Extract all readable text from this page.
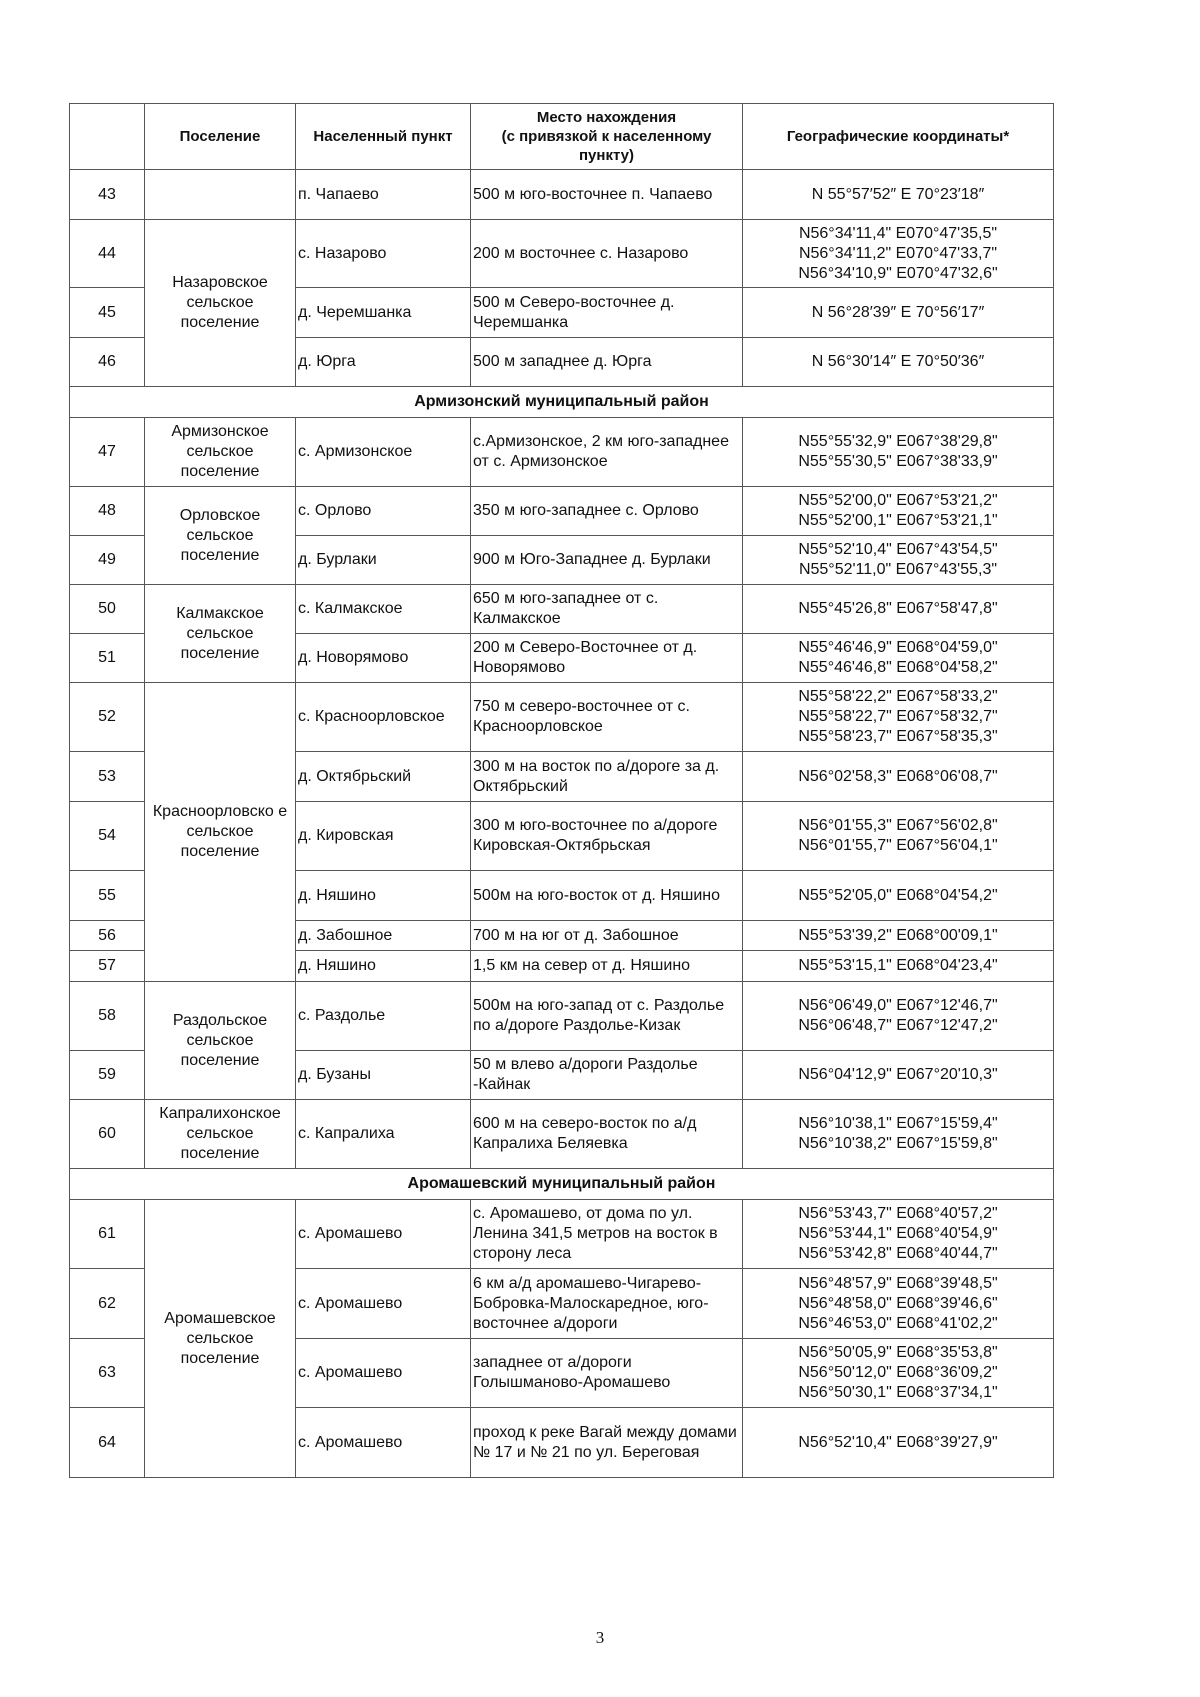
	Поселение	Населенный пункт	Место нахождения
(с привязкой к населенному
пункту)	Географические координаты*
43		п. Чапаево	500 м юго-восточнее п. Чапаево	N 55°57′52″ E 70°23′18″

44	Назаровское сельское поселение	с. Назарово	200 м восточнее с. Назарово	N56°34'11,4" E070°47'35,5"
N56°34'11,2" E070°47'33,7"
N56°34'10,9" E070°47'32,6"

45		д. Черемшанка	500 м Северо-восточнее д. Черемшанка	N 56°28′39″ E 70°56′17″

46		д. Юрга	500 м западнее д. Юрга	N 56°30′14″ E 70°50′36″

Армизонский муниципальный район				
47	Армизонское сельское поселение	с. Армизонское	с.Армизонское, 2 км юго-западнее от с. Армизонское	N55°55'32,9" E067°38'29,8"
N55°55'30,5" E067°38'33,9"

48	Орловское сельское поселение	с. Орлово	350 м юго-западнее с. Орлово	N55°52'00,0" E067°53'21,2"
N55°52'00,1" E067°53'21,1"

49		д. Бурлаки	900 м Юго-Западнее д. Бурлаки	N55°52'10,4" E067°43'54,5"
N55°52'11,0" E067°43'55,3"

50	Калмакское сельское поселение	с. Калмакское	650 м юго-западнее от с. Калмакское	N55°45'26,8" E067°58'47,8"

51		д. Новорямово	200 м Северо-Восточнее от д. Новорямово	N55°46'46,9" E068°04'59,0"
N55°46'46,8" E068°04'58,2"

52	Красноорловско е сельское поселение	с. Красноорловское	750 м северо-восточнее от с. Красноорловское	N55°58'22,2" E067°58'33,2"
N55°58'22,7" E067°58'32,7"
N55°58'23,7" E067°58'35,3"

53		д. Октябрьский	300 м на восток по а/дороге за д. Октябрьский	N56°02'58,3" E068°06'08,7"

54		д. Кировская	300 м юго-восточнее по а/дороге Кировская-Октябрьская	N56°01'55,3" E067°56'02,8"
N56°01'55,7" E067°56'04,1"

55		д. Няшино	500м на юго-восток от д. Няшино	N55°52'05,0" E068°04'54,2"

56		д. Забошное	700 м на юг от д. Забошное	N55°53'39,2" E068°00'09,1"

57		д. Няшино	1,5 км на север от д. Няшино	N55°53'15,1" E068°04'23,4"

58	Раздольское сельское поселение	с. Раздолье	500м на юго-запад от с. Раздолье по а/дороге Раздолье-Кизак	N56°06'49,0" E067°12'46,7"
N56°06'48,7" E067°12'47,2"

59		д. Бузаны	50 м влево а/дороги Раздолье -Кайнак	N56°04'12,9" E067°20'10,3"

60	Капралихонское сельское поселение	с. Капралиха	600 м на северо-восток по а/д Капралиха Беляевка	N56°10'38,1" E067°15'59,4"
N56°10'38,2" E067°15'59,8"

Аромашевский муниципальный район				
61	Аромашевское сельское поселение	с. Аромашево	с. Аромашево, от дома по ул. Ленина 341,5 метров на восток в сторону леса	N56°53'43,7" E068°40'57,2"
N56°53'44,1" E068°40'54,9"
N56°53'42,8" E068°40'44,7"

62		с. Аромашево	6 км а/д аромашево-Чигарево-Бобровка-Малоскаредное, юго-восточнее а/дороги	N56°48'57,9" E068°39'48,5"
N56°48'58,0" E068°39'46,6"
N56°46'53,0" E068°41'02,2"

63		с. Аромашево	западнее от а/дороги Голышманово-Аромашево	N56°50'05,9" E068°35'53,8"
N56°50'12,0" E068°36'09,2"
N56°50'30,1" E068°37'34,1"

64		с. Аромашево	проход к реке Вагай между домами № 17 и № 21 по ул. Береговая	N56°52'10,4" E068°39'27,9"
3
